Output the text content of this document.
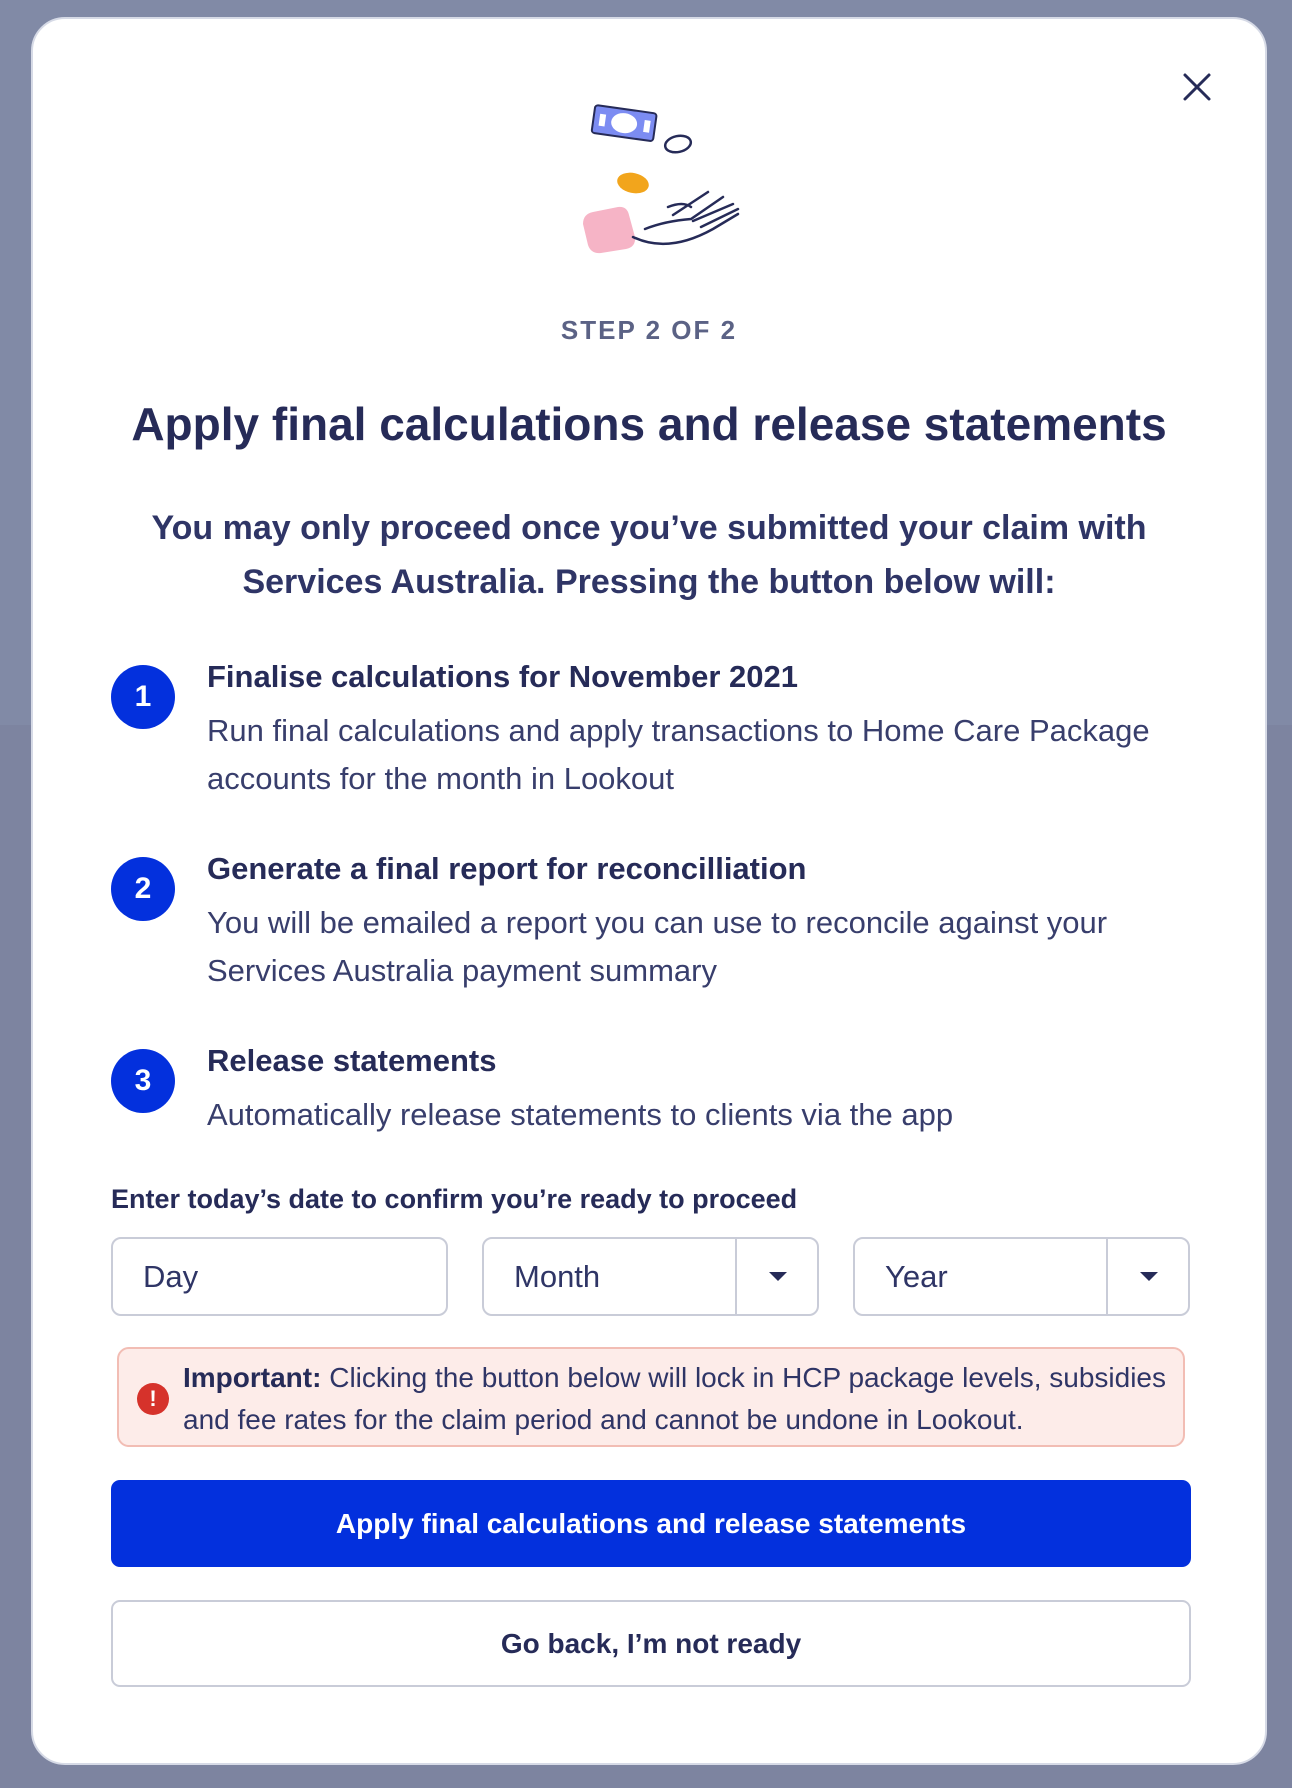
STEP 2 OF 2
Apply final calculations and release statements

You may only proceed once you’ve submitted your claim with Services Australia. Pressing the button below will:

1
Finalise calculations for November 2021
Run final calculations and apply transactions to Home Care Package accounts for the month in Lookout
2
Generate a final report for reconcilliation
You will be emailed a report you can use to reconcile against your Services Australia payment summary
3
Release statements
Automatically release statements to clients via the app
Enter today’s date to confirm you’re ready to proceed
Day	Month	Year
!
Important: Clicking the button below will lock in HCP package levels, subsidies and fee rates for the claim period and cannot be undone in Lookout.
Apply final calculations and release statements
Go back, I’m not ready
